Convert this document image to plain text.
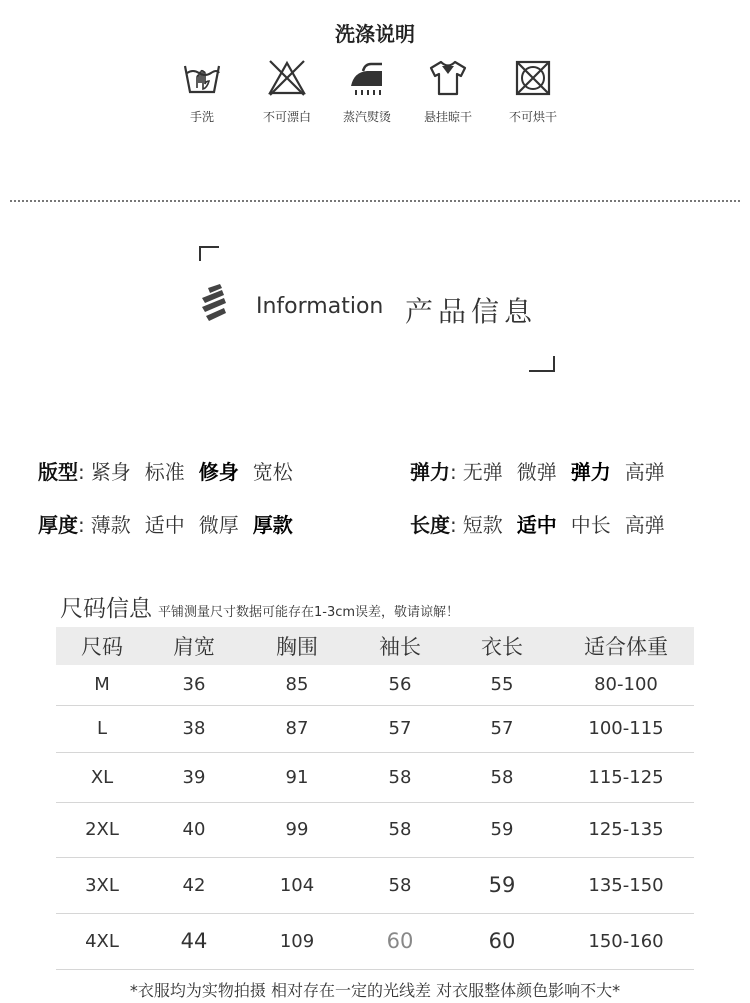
洗涤说明
手洗	不可漂白	蒸汽熨烫	悬挂晾干	不可烘干
Information 产品信息
版型: 紧身 标准 修身 宽松	弹力: 无弹 微弹 弹力 高弹
厚度: 薄款 适中 微厚 厚款	长度: 短款 适中 中长 高弹
尺码信息 平铺测量尺寸数据可能存在1-3cm误差，敬请谅解！
尺码	肩宽	胸围	袖长	衣长	适合体重
M	36	85	56	55	80-100
L	38	87	57	57	100-115
XL	39	91	58	58	115-125
2XL	40	99	58	59	125-135
3XL	42	104	58	59	135-150
4XL	44	109	60	60	150-160
*衣服均为实物拍摄 相对存在一定的光线差 对衣服整体颜色影响不大*
